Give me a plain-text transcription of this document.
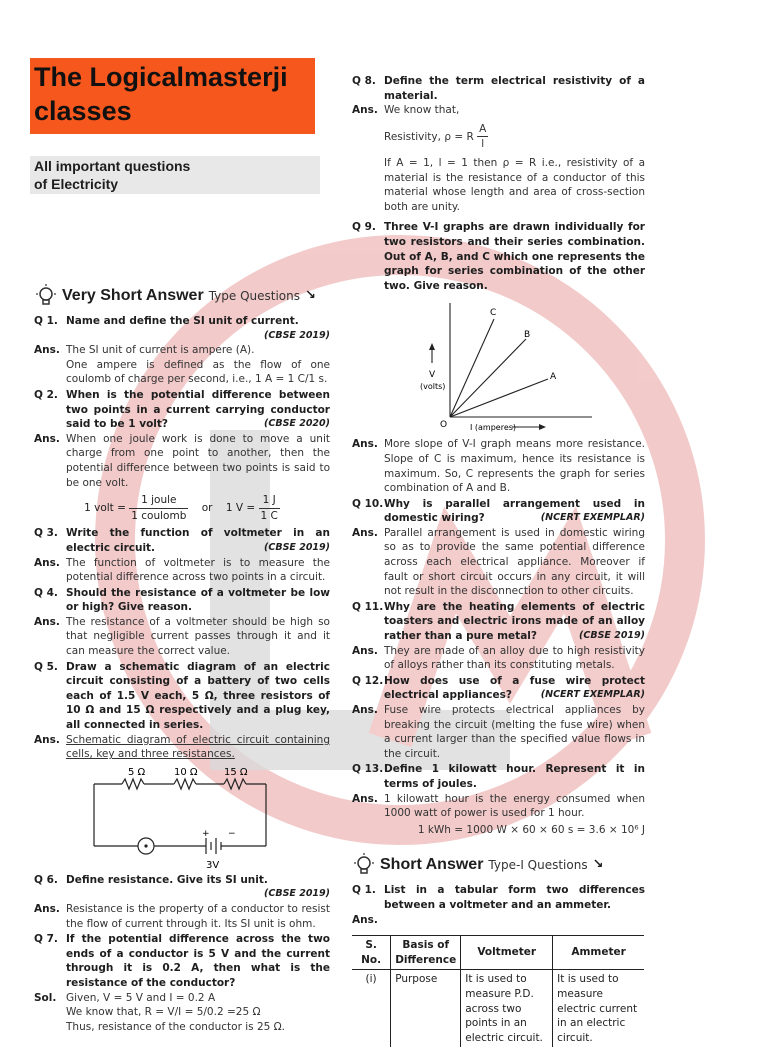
The Logicalmasterji
classes
All important questions
of Electricity
Very Short Answer Type Questions ↘
Q 1. Name and define the SI unit of current.
(CBSE 2019)
Ans. The SI unit of current is ampere (A).
One ampere is defined as the flow of one coulomb of charge per second, i.e., 1 A = 1 C/1 s.
Q 2. When is the potential difference between two points in a current carrying conductor said to be 1 volt?	(CBSE 2020)
Ans. When one joule work is done to move a unit charge from one point to another, then the potential difference between two points is said to be one volt.
1 volt = $\frac{\text{1 joule}}{\text{1 coulomb}}$ or 1 $V = \frac{1 J}{1 C}$
Q 3. Write the function of voltmeter in an electric circuit.	(CBSE 2019)
Ans. The function of voltmeter is to measure the potential difference across two points in a circuit.
Q 4. Should the resistance of a voltmeter be low or high? Give reason.
Ans. The resistance of a voltmeter should be high so that negligible current passes through it and it can measure the correct value.
Q 5. Draw a schematic diagram of an electric circuit consisting of a battery of two cells each of 1.5 V each, 5 Ω, three resistors of 10 Ω and 15 Ω respectively and a plug key, all connected in series.
Ans. Schematic diagram of electric circuit containing cells, key and three resistances.
5 Ω	10 Ω	15 Ω
+ −
3V
Q 6. Define resistance. Give its SI unit.
(CBSE 2019)
Ans. Resistance is the property of a conductor to resist the flow of current through it. Its SI unit is ohm.
Q 7. If the potential difference across the two ends of a conductor is 5 V and the current through it is 0.2 A, then what is the resistance of the conductor?
Sol. Given, V = 5 V and I = 0.2 A
We know that, R = V/I = 5/0.2 =25 Ω
Thus, resistance of the conductor is 25 Ω.
Q 8. Define the term electrical resistivity of a material.
Ans. We know that,
Resistivity, ρ = R $\frac{A}{l}$
If A = 1, l = 1 then ρ = R i.e., resistivity of a material is the resistance of a conductor of this material whose length and area of cross-section both are unity.
Q 9. Three V-I graphs are drawn individually for two resistors and their series combination. Out of A, B, and C which one represents the graph for series combination of the other two. Give reason.
C
B
A
O
V
(volts)
I (amperes)
Ans. More slope of V-I graph means more resistance. Slope of C is maximum, hence its resistance is maximum. So, C represents the graph for series combination of A and B.
Q 10. Why is parallel arrangement used in domestic wiring?	(NCERT EXEMPLAR)
Ans. Parallel arrangement is used in domestic wiring so as to provide the same potential difference across each electrical appliance. Moreover if fault or short circuit occurs in any circuit, it will not result in the disconnection to other circuits.
Q 11. Why are the heating elements of electric toasters and electric irons made of an alloy rather than a pure metal?	(CBSE 2019)
Ans. They are made of an alloy due to high resistivity of alloys rather than its constituting metals.
Q 12. How does use of a fuse wire protect electrical appliances?	(NCERT EXEMPLAR)
Ans. Fuse wire protects electrical appliances by breaking the circuit (melting the fuse wire) when a current larger than the specified value flows in the circuit.
Q 13. Define 1 kilowatt hour. Represent it in terms of joules.
Ans. 1 kilowatt hour is the energy consumed when 1000 watt of power is used for 1 hour.
1 kWh = 1000 W × 60 × 60 s = 3.6 × 10⁶ J
Short Answer Type-I Questions ↘
Q 1. List in a tabular form two differences between a voltmeter and an ammeter.
Ans.
S. No.	Basis of Difference	Voltmeter	Ammeter
(i)	Purpose	It is used to measure P.D. across two points in an electric circuit.	It is used to measure electric current in an electric circuit.
